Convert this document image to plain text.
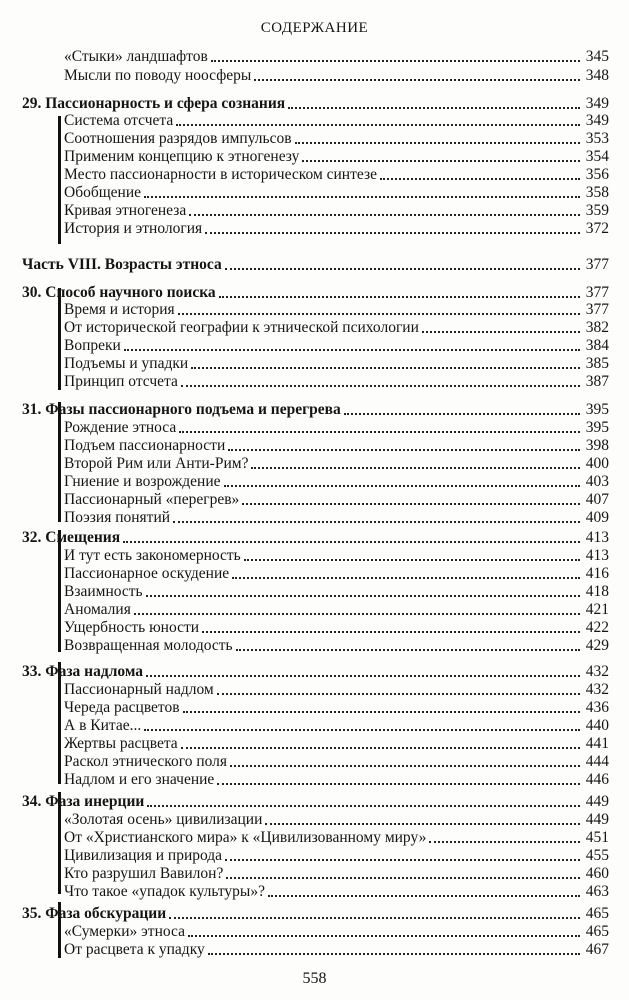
СОДЕРЖАНИЕ
«Стыки» ландшафтов	345
Мысли по поводу ноосферы	348
29. Пассионарность и сфера сознания	349
Система отсчета	349
Соотношения разрядов импульсов	353
Применим концепцию к этногенезу	354
Место пассионарности в историческом синтезе	356
Обобщение	358
Кривая этногенеза	359
История и этнология	372
Часть VIII. Возрасты этноса	377
30. Способ научного поиска	377
Время и история	377
От исторической географии к этнической психологии	382
Вопреки	384
Подъемы и упадки	385
Принцип отсчета	387
31. Фазы пассионарного подъема и перегрева	395
Рождение этноса	395
Подъем пассионарности	398
Второй Рим или Анти-Рим?	400
Гниение и возрождение	403
Пассионарный «перегрев»	407
Поэзия понятий	409
32. Смещения	413
И тут есть закономерность	413
Пассионарное оскудение	416
Взаимность	418
Аномалия	421
Ущербность юности	422
Возвращенная молодость	429
33. Фаза надлома	432
Пассионарный надлом	432
Череда расцветов	436
А в Китае...	440
Жертвы расцвета	441
Раскол этнического поля	444
Надлом и его значение	446
34. Фаза инерции	449
«Золотая осень» цивилизации	449
От «Христианского мира» к «Цивилизованному миру»	451
Цивилизация и природа	455
Кто разрушил Вавилон?	460
Что такое «упадок культуры»?	463
35. Фаза обскурации	465
«Сумерки» этноса	465
От расцвета к упадку	467
558
